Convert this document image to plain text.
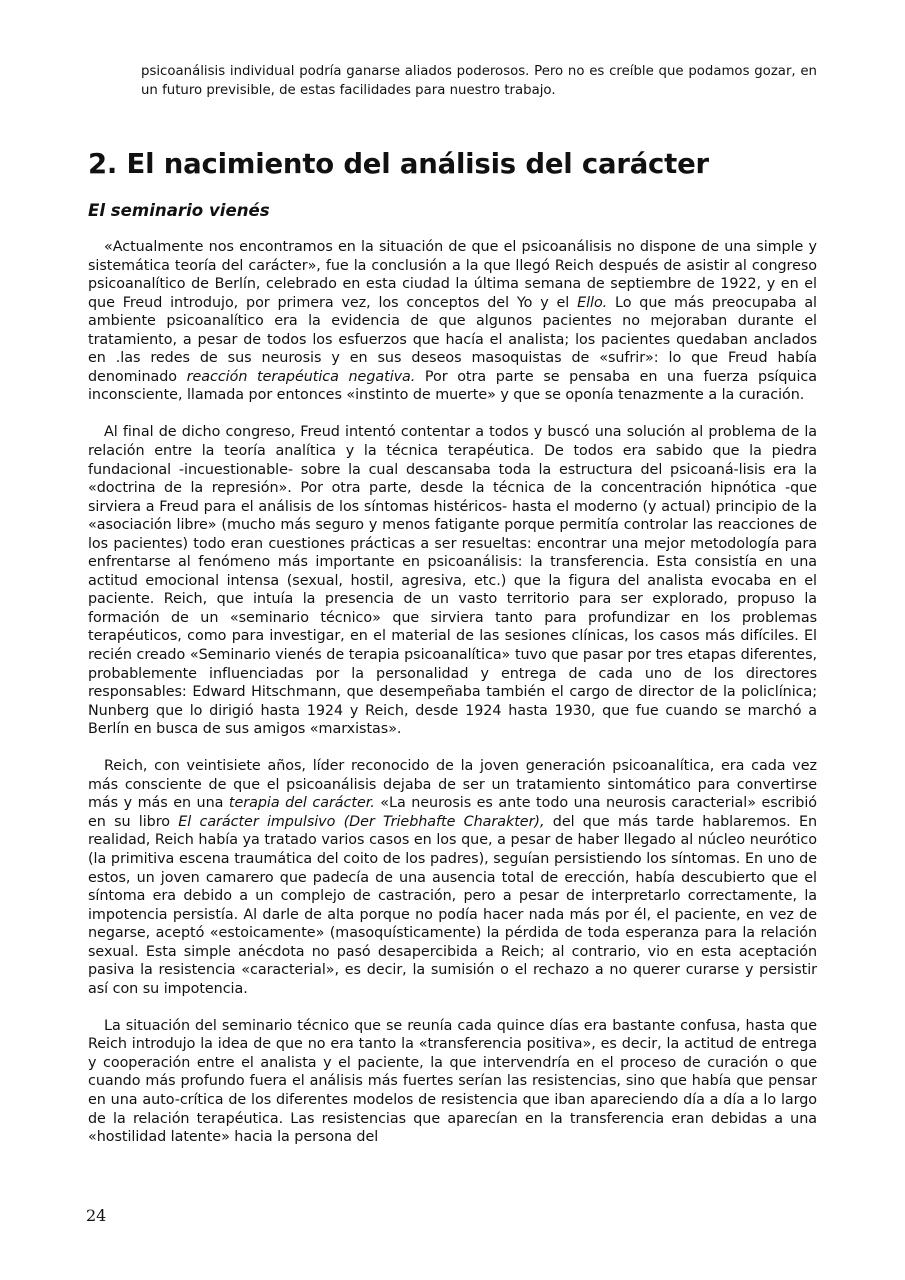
psicoanálisis individual podría ganarse aliados poderosos. Pero no es creíble que podamos gozar, en un futuro previsible, de estas facilidades para nuestro trabajo.

2. El nacimiento del análisis del carácter
El seminario vienés

«Actualmente nos encontramos en la situación de que el psicoanálisis no dispone de una simple y sistemática teoría del carácter», fue la conclusión a la que llegó Reich después de asistir al congreso psicoanalítico de Berlín, celebrado en esta ciudad la última semana de septiembre de 1922, y en el que Freud introdujo, por primera vez, los conceptos del Yo y el Ello. Lo que más preocupaba al ambiente psicoanalítico era la evidencia de que algunos pacientes no mejoraban durante el tratamiento, a pesar de todos los esfuerzos que hacía el analista; los pacientes quedaban anclados en .las redes de sus neurosis y en sus deseos masoquistas de «sufrir»: lo que Freud había denominado reacción terapéutica negativa. Por otra parte se pensaba en una fuerza psíquica inconsciente, llamada por entonces «instinto de muerte» y que se oponía tenazmente a la curación.

Al final de dicho congreso, Freud intentó contentar a todos y buscó una solución al problema de la relación entre la teoría analítica y la técnica terapéutica. De todos era sabido que la piedra fundacional -incuestionable- sobre la cual descansaba toda la estructura del psicoaná-lisis era la «doctrina de la represión». Por otra parte, desde la técnica de la concentración hipnótica -que sirviera a Freud para el análisis de los síntomas histéricos- hasta el moderno (y actual) principio de la «asociación libre» (mucho más seguro y menos fatigante porque permitía controlar las reacciones de los pacientes) todo eran cuestiones prácticas a ser resueltas: encontrar una mejor metodología para enfrentarse al fenómeno más importante en psicoanálisis: la transferencia. Esta consistía en una actitud emocional intensa (sexual, hostil, agresiva, etc.) que la figura del analista evocaba en el paciente. Reich, que intuía la presencia de un vasto territorio para ser explorado, propuso la formación de un «seminario técnico» que sirviera tanto para profundizar en los problemas terapéuticos, como para investigar, en el material de las sesiones clínicas, los casos más difíciles. El recién creado «Seminario vienés de terapia psicoanalítica» tuvo que pasar por tres etapas diferentes, probablemente influenciadas por la personalidad y entrega de cada uno de los directores responsables: Edward Hitschmann, que desempeñaba también el cargo de director de la policlínica; Nunberg que lo dirigió hasta 1924 y Reich, desde 1924 hasta 1930, que fue cuando se marchó a Berlín en busca de sus amigos «marxistas».

Reich, con veintisiete años, líder reconocido de la joven generación psicoanalítica, era cada vez más consciente de que el psicoanálisis dejaba de ser un tratamiento sintomático para convertirse más y más en una terapia del carácter. «La neurosis es ante todo una neurosis caracterial» escribió en su libro El carácter impulsivo (Der Triebhafte Charakter), del que más tarde hablaremos. En realidad, Reich había ya tratado varios casos en los que, a pesar de haber llegado al núcleo neurótico (la primitiva escena traumática del coito de los padres), seguían persistiendo los síntomas. En uno de estos, un joven camarero que padecía de una ausencia total de erección, había descubierto que el síntoma era debido a un complejo de castración, pero a pesar de interpretarlo correctamente, la impotencia persistía. Al darle de alta porque no podía hacer nada más por él, el paciente, en vez de negarse, aceptó «estoicamente» (masoquísticamente) la pérdida de toda esperanza para la relación sexual. Esta simple anécdota no pasó desapercibida a Reich; al contrario, vio en esta aceptación pasiva la resistencia «caracterial», es decir, la sumisión o el rechazo a no querer curarse y persistir así con su impotencia.

La situación del seminario técnico que se reunía cada quince días era bastante confusa, hasta que Reich introdujo la idea de que no era tanto la «transferencia positiva», es decir, la actitud de entrega y cooperación entre el analista y el paciente, la que intervendría en el proceso de curación o que cuando más profundo fuera el análisis más fuertes serían las resistencias, sino que había que pensar en una auto-crítica de los diferentes modelos de resistencia que iban apareciendo día a día a lo largo de la relación terapéutica. Las resistencias que aparecían en la transferencia eran debidas a una «hostilidad latente» hacia la persona del

24
